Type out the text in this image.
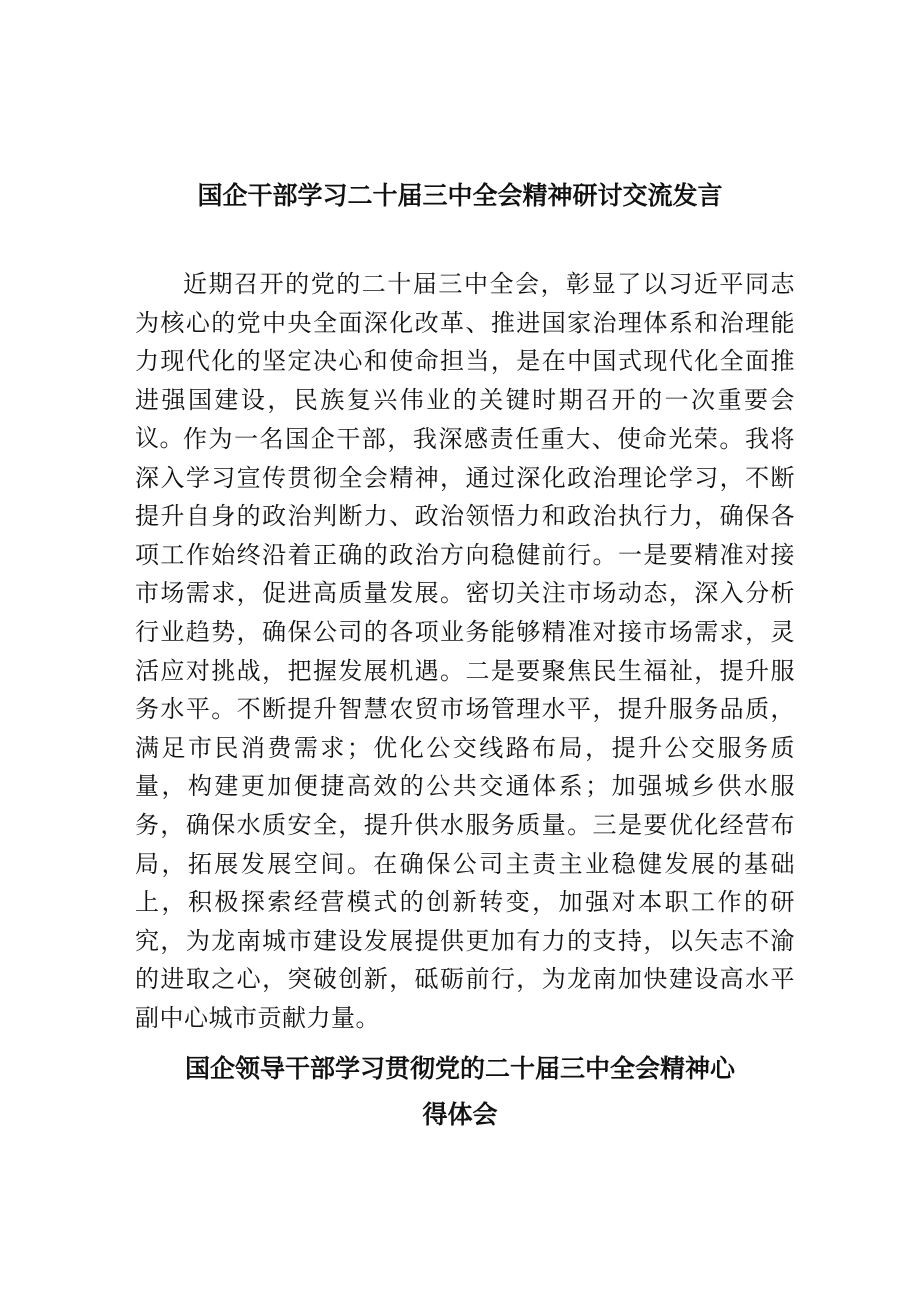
国企干部学习二十届三中全会精神研讨交流发言

近期召开的党的二十届三中全会，彰显了以习近平同志为核心的党中央全面深化改革、推进国家治理体系和治理能力现代化的坚定决心和使命担当，是在中国式现代化全面推进强国建设，民族复兴伟业的关键时期召开的一次重要会议。 作为一名国企干部，我深感责任重大、使命光荣。我将深入学习宣传贯彻全会精神，通过深化政治理论学习，不断提升自身的政治判断力、政治领悟力和政治执行力，确保各项工作始终沿着正确的政治方向稳健前行。一是要精准对接市场需求，促进高质量发展。密切关注市场动态，深入分析行业趋势，确保公司的各项业务能够精准对接市场需求，灵活应对挑战，把握发展机遇。二是要聚焦民生福祉，提升服务水平。不断提升智慧农贸市场管理水平，提升服务品质，满足市民消费需求；优化公交线路布局，提升公交服务质量，构建更加便捷高效的公共交通体系；加强城乡供水服务，确保水质安全，提升供水服务质量。三是要优化经营布局，拓展发展空间。在确保公司主责主业稳健发展的基础上，积极探索经营模式的创新转变，加强对本职工作的研究，为龙南城市建设发展提供更加有力的支持，以矢志不渝的进取之心，突破创新，砥砺前行，为龙南加快建设高水平副中心城市贡献力量。

国企领导干部学习贯彻党的二十届三中全会精神心得体会
